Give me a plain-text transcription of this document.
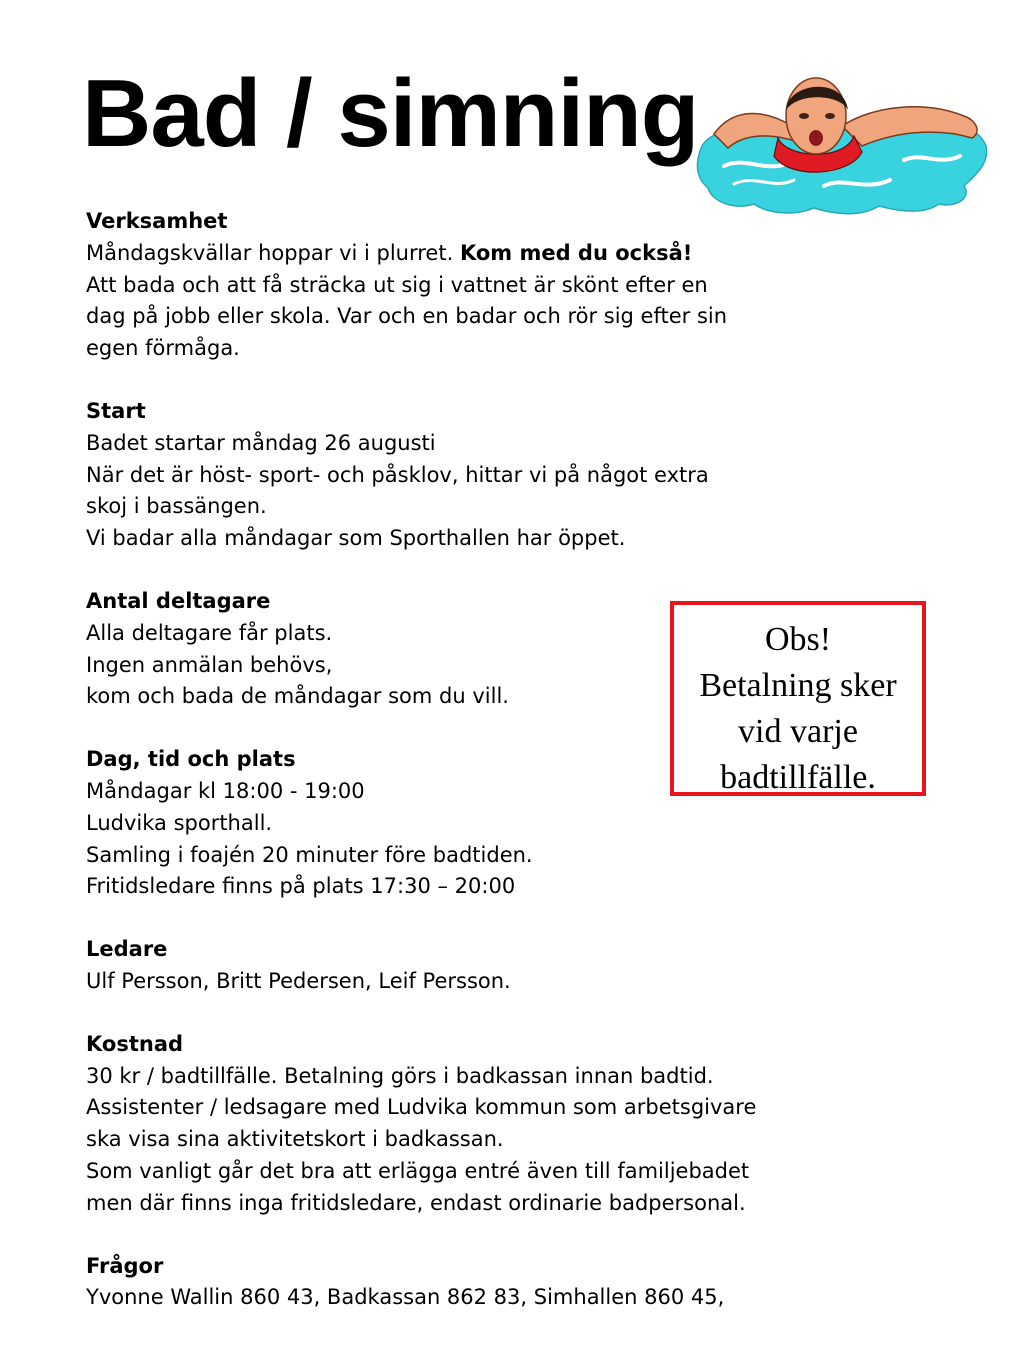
Bad / simning
Verksamhet
Måndagskvällar hoppar vi i plurret. Kom med du också!
Att bada och att få sträcka ut sig i vattnet är skönt efter en
dag på jobb eller skola. Var och en badar och rör sig efter sin
egen förmåga.
Start
Badet startar måndag 26 augusti
När det är höst- sport- och påsklov, hittar vi på något extra
skoj i bassängen.
Vi badar alla måndagar som Sporthallen har öppet.
Antal deltagare
Alla deltagare får plats.
Ingen anmälan behövs,
kom och bada de måndagar som du vill.
Dag, tid och plats
Måndagar kl 18:00 - 19:00
Ludvika sporthall.
Samling i foajén 20 minuter före badtiden.
Fritidsledare finns på plats 17:30 – 20:00
Ledare
Ulf Persson, Britt Pedersen, Leif Persson.
Kostnad
30 kr / badtillfälle. Betalning görs i badkassan innan badtid.
Assistenter / ledsagare med Ludvika kommun som arbetsgivare
ska visa sina aktivitetskort i badkassan.
Som vanligt går det bra att erlägga entré även till familjebadet
men där finns inga fritidsledare, endast ordinarie badpersonal.
Frågor
Yvonne Wallin 860 43, Badkassan 862 83, Simhallen 860 45,
Obs!
Betalning sker
vid varje
badtillfälle.
